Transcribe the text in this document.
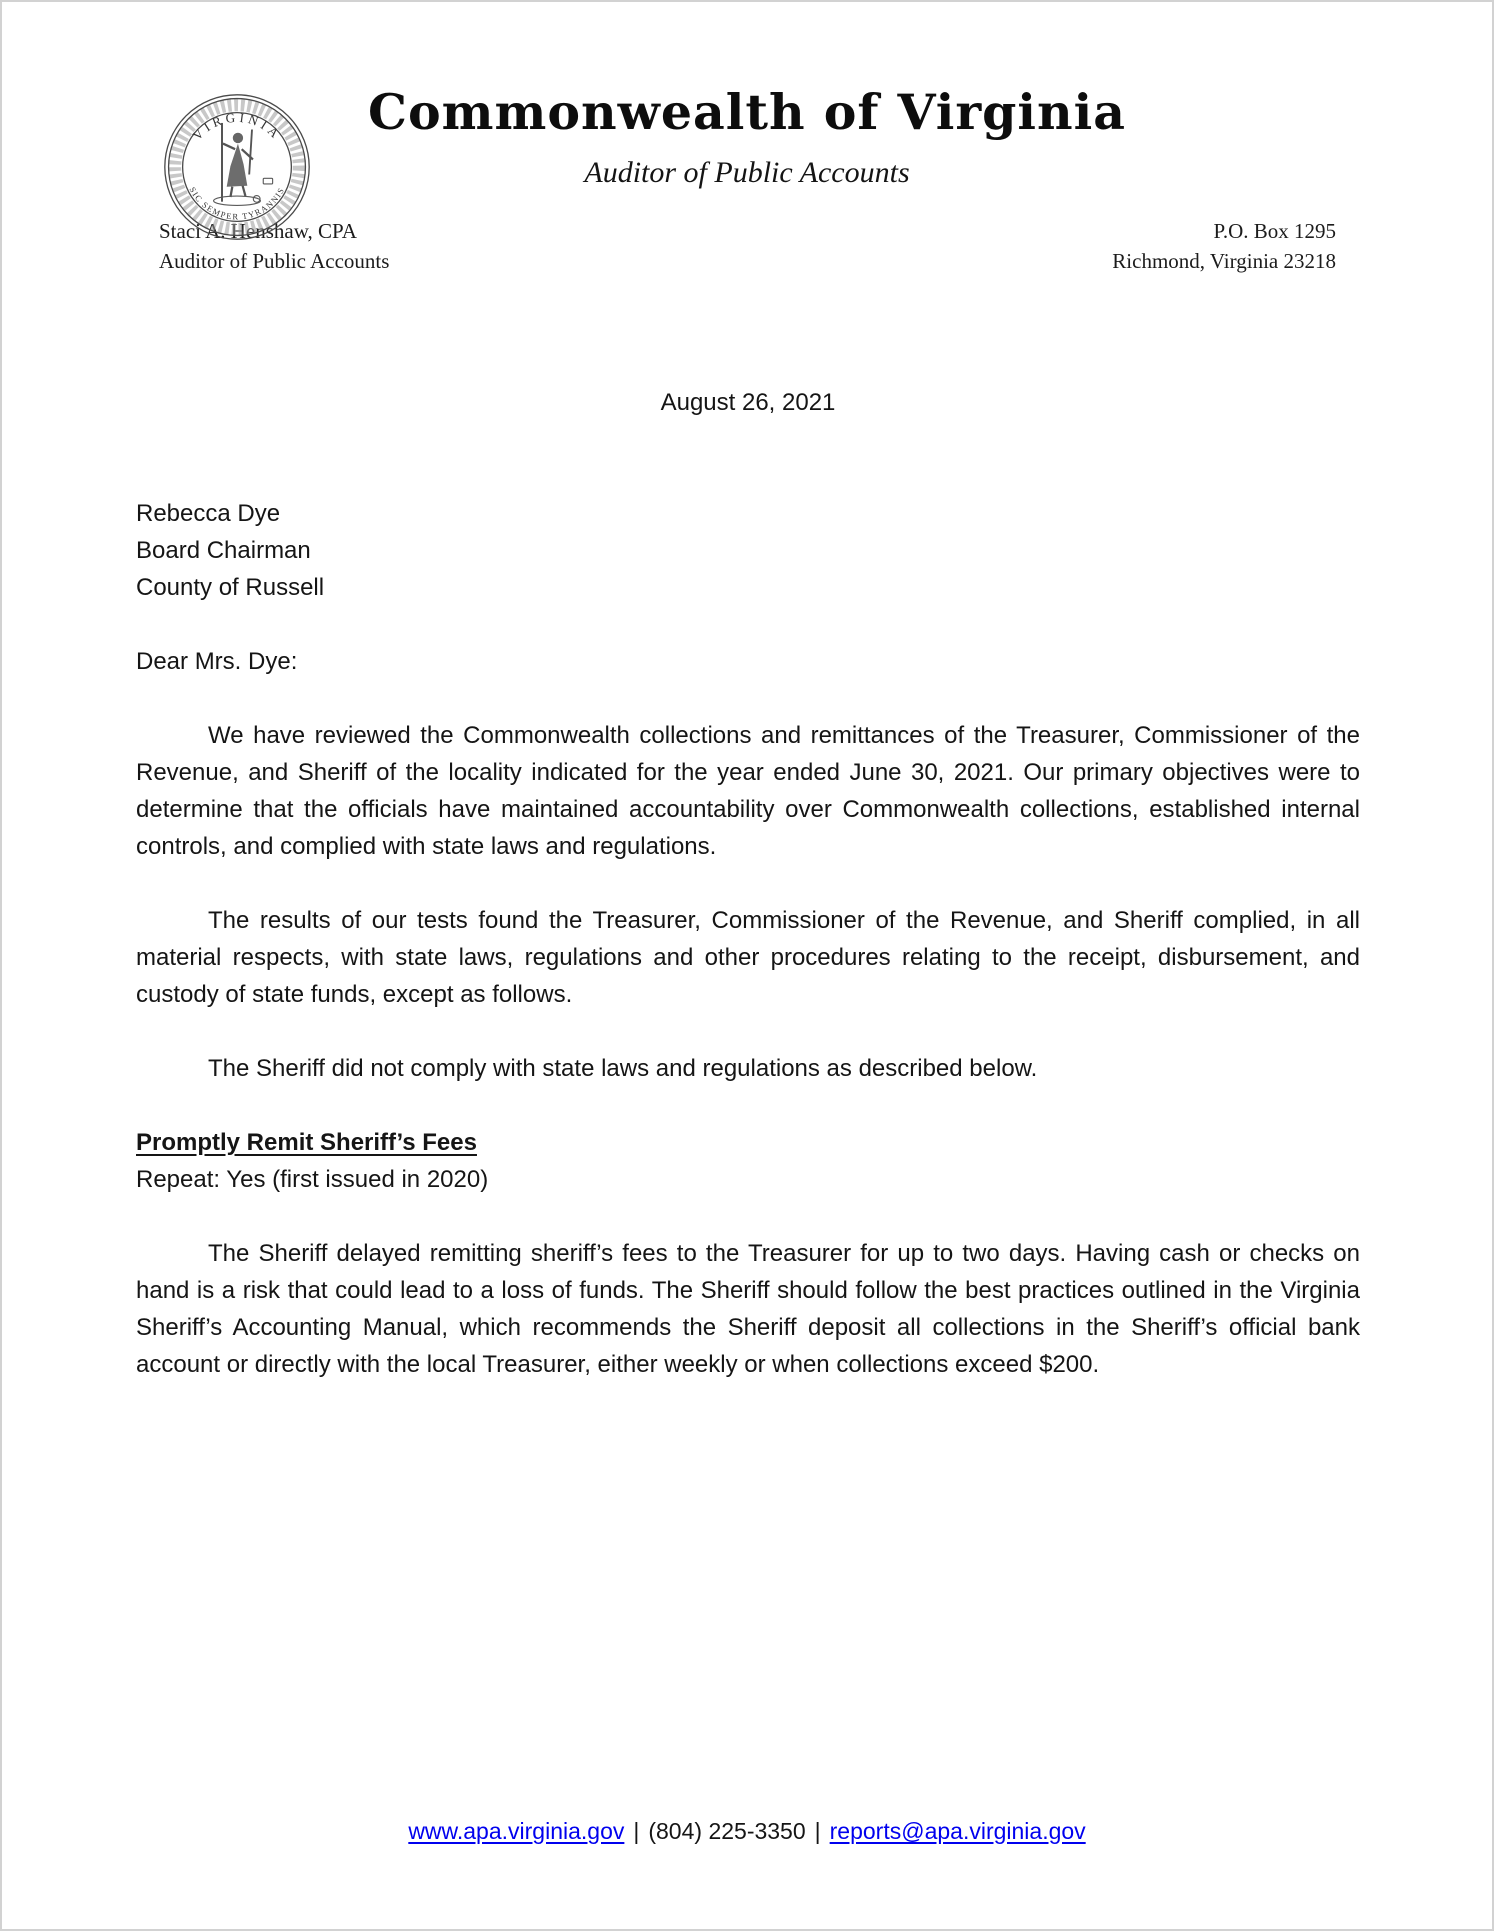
VIRGINIA
SIC SEMPER TYRANNIS
Commonwealth of Virginia
Auditor of Public Accounts
Staci A. Henshaw, CPA
Auditor of Public Accounts
P.O. Box 1295
Richmond, Virginia 23218
August 26, 2021
Rebecca Dye
Board Chairman
County of Russell
Dear Mrs. Dye:

We have reviewed the Commonwealth collections and remittances of the Treasurer, Commissioner of the Revenue, and Sheriff of the locality indicated for the year ended June 30, 2021. Our primary objectives were to determine that the officials have maintained accountability over Commonwealth collections, established internal controls, and complied with state laws and regulations.

The results of our tests found the Treasurer, Commissioner of the Revenue, and Sheriff complied, in all material respects, with state laws, regulations and other procedures relating to the receipt, disbursement, and custody of state funds, except as follows.

The Sheriff did not comply with state laws and regulations as described below.

Promptly Remit Sheriff’s Fees

Repeat: Yes (first issued in 2020)

The Sheriff delayed remitting sheriff’s fees to the Treasurer for up to two days. Having cash or checks on hand is a risk that could lead to a loss of funds. The Sheriff should follow the best practices outlined in the Virginia Sheriff’s Accounting Manual, which recommends the Sheriff deposit all collections in the Sheriff’s official bank account or directly with the local Treasurer, either weekly or when collections exceed $200.

www.apa.virginia.gov | (804) 225-3350 | reports@apa.virginia.gov
